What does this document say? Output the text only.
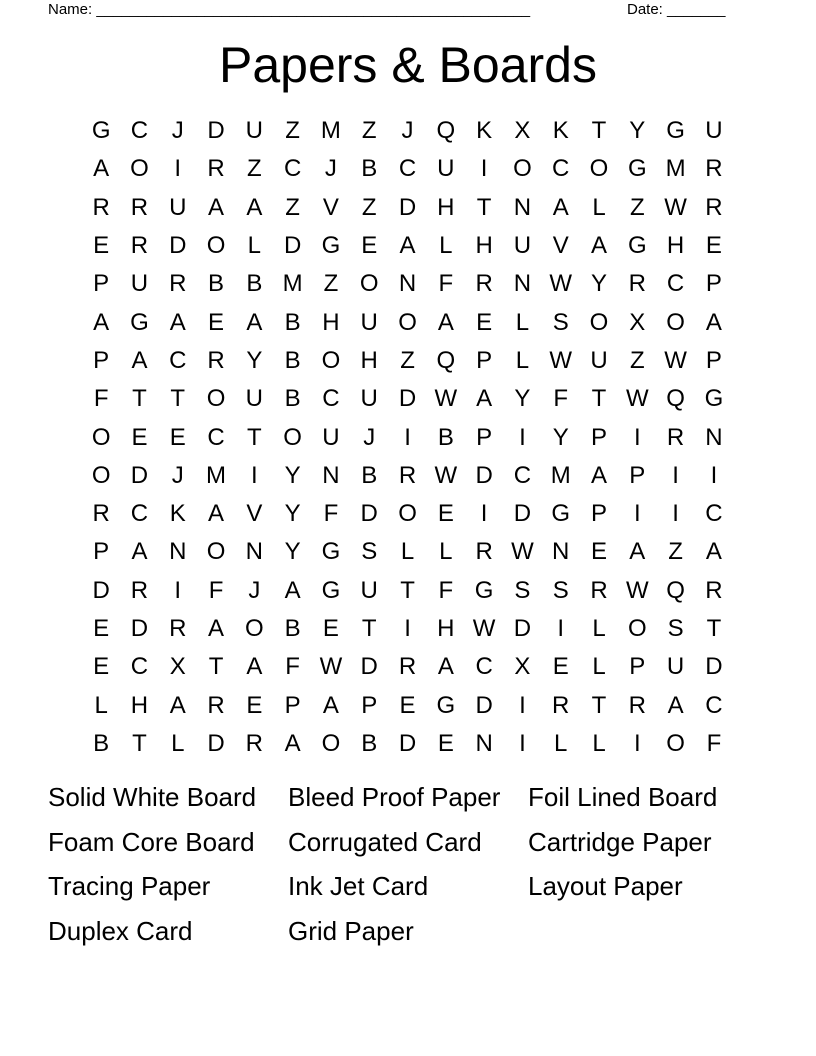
Name: ____________________________________________________	Date: _______
Papers & Boards
G C J D U Z M Z	J Q K X K T Y G U
A O	I	R Z C J	B C U	I	O C O G M R
R R U A A Z V Z D H T N A L	Z W R
E R D O L D G E A L H U V A G H E
P U R B B M Z O N F R N W Y R C P
A G A E A B H U O A E L S O X O A
P A C R Y B O H Z Q P L W U Z W P
F T T O U B C U D W A Y F T W Q G
O E E C T O U J	I	B P	I	Y P	I	R N
O D J M	I	Y N B R W D C M A P	I	I
R C K A V Y F D O E	I	D G P	I	I	C
P A N O N Y G S L	L R W N E A Z A
D R	I	F	J	A G U T F G S S R W Q R
E D R A O B E T	I	H W D	I	L O S T
E C X T A F W D R A C X E L P U D
L H A R E P A P E G D	I	R T R A C
B T	L D R A O B D E N	I	L	L	I	O F
Solid White Board	Bleed Proof Paper	Foil Lined Board
Foam Core Board	Corrugated Card	Cartridge Paper
Tracing Paper	Ink Jet Card	Layout Paper
Duplex Card	Grid Paper
